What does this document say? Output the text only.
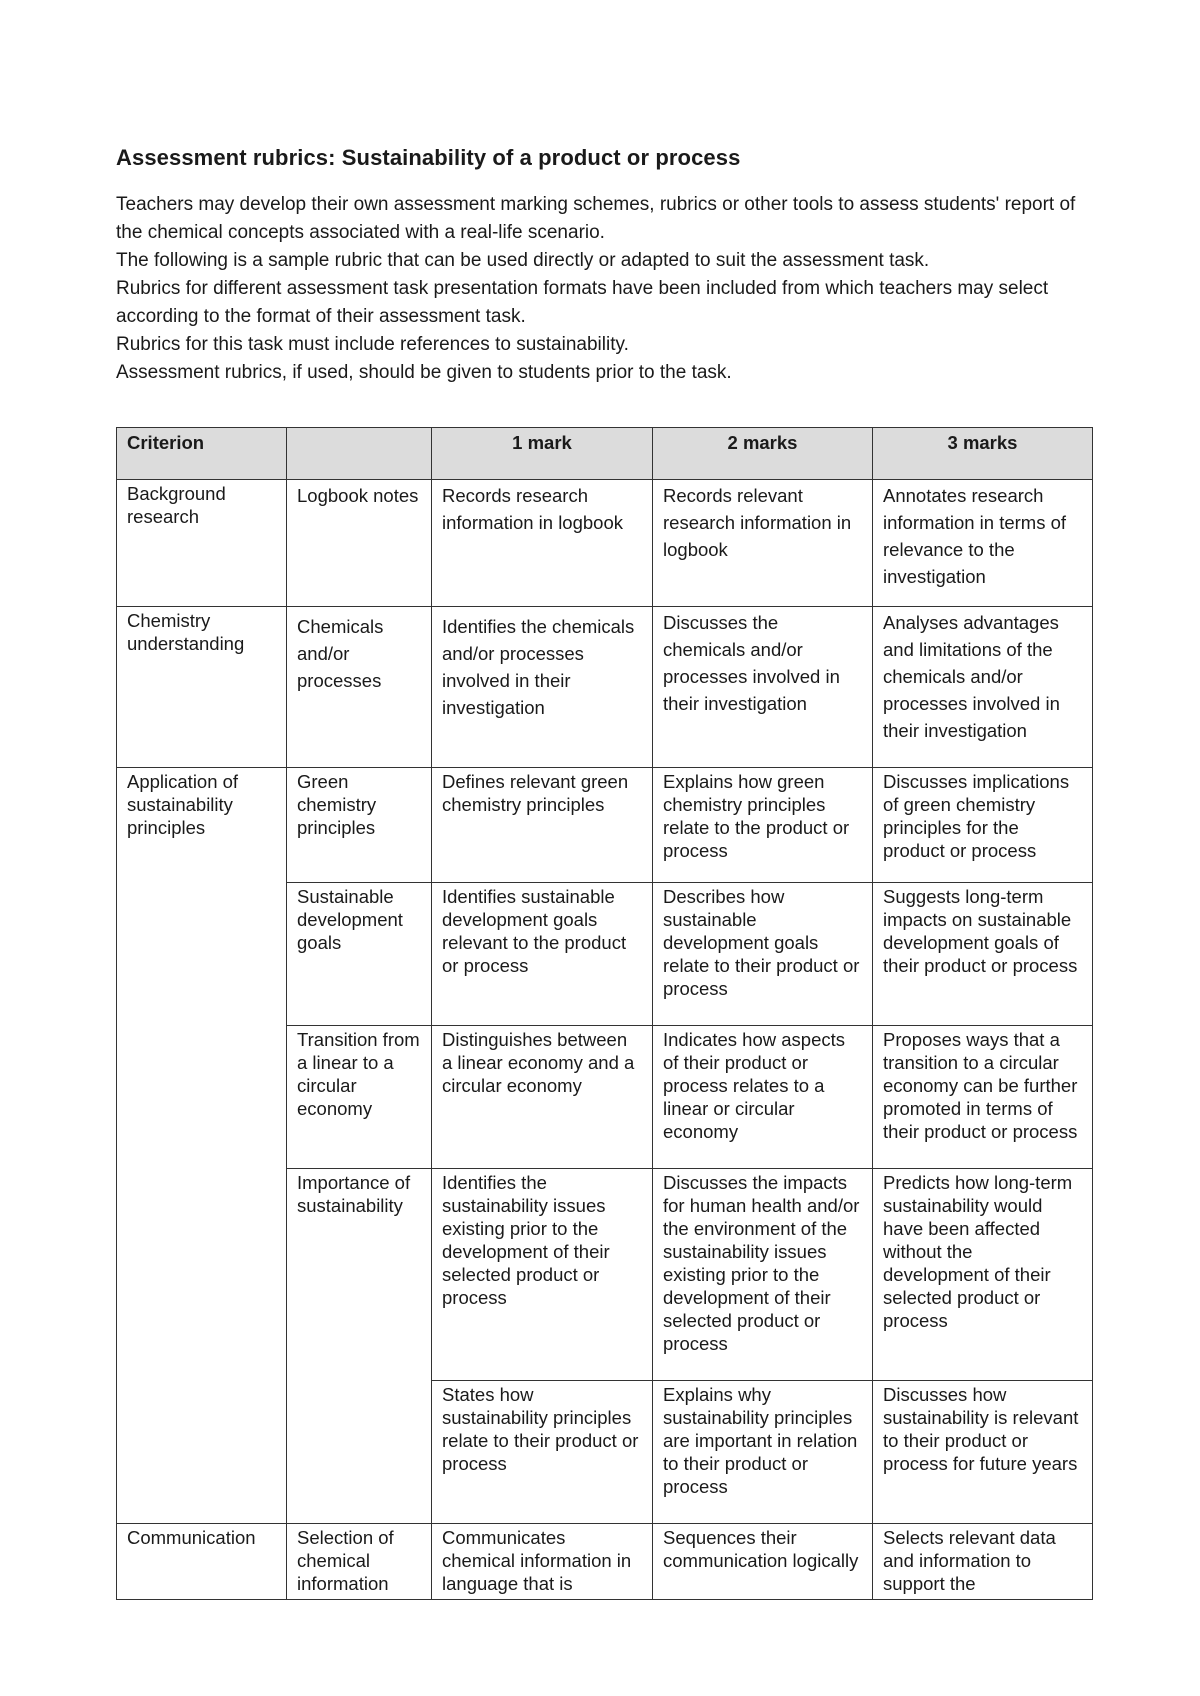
Assessment rubrics: Sustainability of a product or process

Teachers may develop their own assessment marking schemes, rubrics or other tools to assess students' report of the chemical concepts associated with a real-life scenario.

The following is a sample rubric that can be used directly or adapted to suit the assessment task.

Rubrics for different assessment task presentation formats have been included from which teachers may select according to the format of their assessment task.

Rubrics for this task must include references to sustainability.

Assessment rubrics, if used, should be given to students prior to the task.

Criterion		1 mark	2 marks	3 marks
Background research	Logbook notes	Records research information in logbook	Records relevant research information in logbook	Annotates research information in terms of relevance to the investigation
Chemistry understanding	Chemicals and/or processes	Identifies the chemicals and/or processes involved in their investigation	Discusses the chemicals and/or processes involved in their investigation	Analyses advantages and limitations of the chemicals and/or processes involved in their investigation
Application of sustainability principles	Green chemistry principles	Defines relevant green chemistry principles	Explains how green chemistry principles relate to the product or process	Discusses implications of green chemistry principles for the product or process
	Sustainable development goals	Identifies sustainable development goals relevant to the product or process	Describes how sustainable development goals relate to their product or process	Suggests long-term impacts on sustainable development goals of their product or process
	Transition from a linear to a circular economy	Distinguishes between a linear economy and a circular economy	Indicates how aspects of their product or process relates to a linear or circular economy	Proposes ways that a transition to a circular economy can be further promoted in terms of their product or process
	Importance of sustainability	Identifies the sustainability issues existing prior to the development of their selected product or process	Discusses the impacts for human health and/or the environment of the sustainability issues existing prior to the development of their selected product or process	Predicts how long-term sustainability would have been affected without the development of their selected product or process
		States how sustainability principles relate to their product or process	Explains why sustainability principles are important in relation to their product or process	Discusses how sustainability is relevant to their product or process for future years
Communication	Selection of chemical information	Communicates chemical information in language that is	Sequences their communication logically	Selects relevant data and information to support the
